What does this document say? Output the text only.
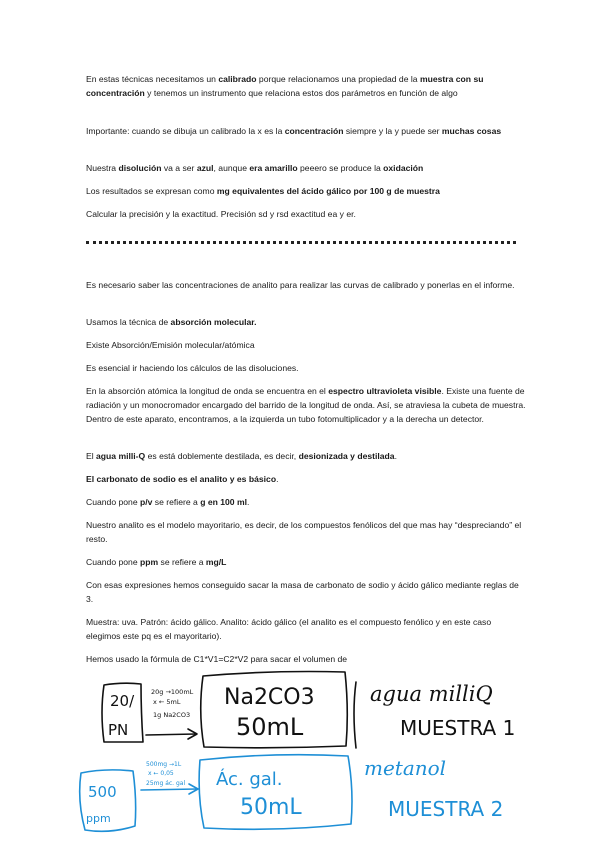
En estas técnicas necesitamos un calibrado porque relacionamos una propiedad de la muestra con su concentración y tenemos un instrumento que relaciona estos dos parámetros en función de algo

Importante: cuando se dibuja un calibrado la x es la concentración siempre y la y puede ser muchas cosas

Nuestra disolución va a ser azul, aunque era amarillo peeero se produce la oxidación

Los resultados se expresan como mg equivalentes del ácido gálico por 100 g de muestra

Calcular la precisión y la exactitud. Precisión sd y rsd exactitud ea y er.

Es necesario saber las concentraciones de analito para realizar las curvas de calibrado y ponerlas en el informe.

Usamos la técnica de absorción molecular.

Existe Absorción/Emisión molecular/atómica

Es esencial ir haciendo los cálculos de las disoluciones.

En la absorción atómica la longitud de onda se encuentra en el espectro ultravioleta visible. Existe una fuente de radiación y un monocromador encargado del barrido de la longitud de onda. Así, se atraviesa la cubeta de muestra. Dentro de este aparato, encontramos, a la izquierda un tubo fotomultiplicador y a la derecha un detector.

El agua milli-Q es está doblemente destilada, es decir, desionizada y destilada.

El carbonato de sodio es el analito y es básico.

Cuando pone p/v se refiere a g en 100 ml.

Nuestro analito es el modelo mayoritario, es decir, de los compuestos fenólicos del que mas hay “despreciando” el resto.

Cuando pone ppm se refiere a mg/L

Con esas expresiones hemos conseguido sacar la masa de carbonato de sodio y ácido gálico mediante reglas de 3.

Muestra: uva. Patrón: ácido gálico. Analito: ácido gálico (el analito es el compuesto fenólico y en este caso elegimos este pq es el mayoritario).

Hemos usado la fórmula de C1*V1=C2*V2 para sacar el volumen de

20/
PN
20g →100mL
x ← 5mL
1g Na2CO3
Na2CO3
50mL
agua milliQ
MUESTRA 1
500
ppm
500mg →1L
x ← 0,05
25mg ác. gal Ác. gal.
50mL
metanol
MUESTRA 2
